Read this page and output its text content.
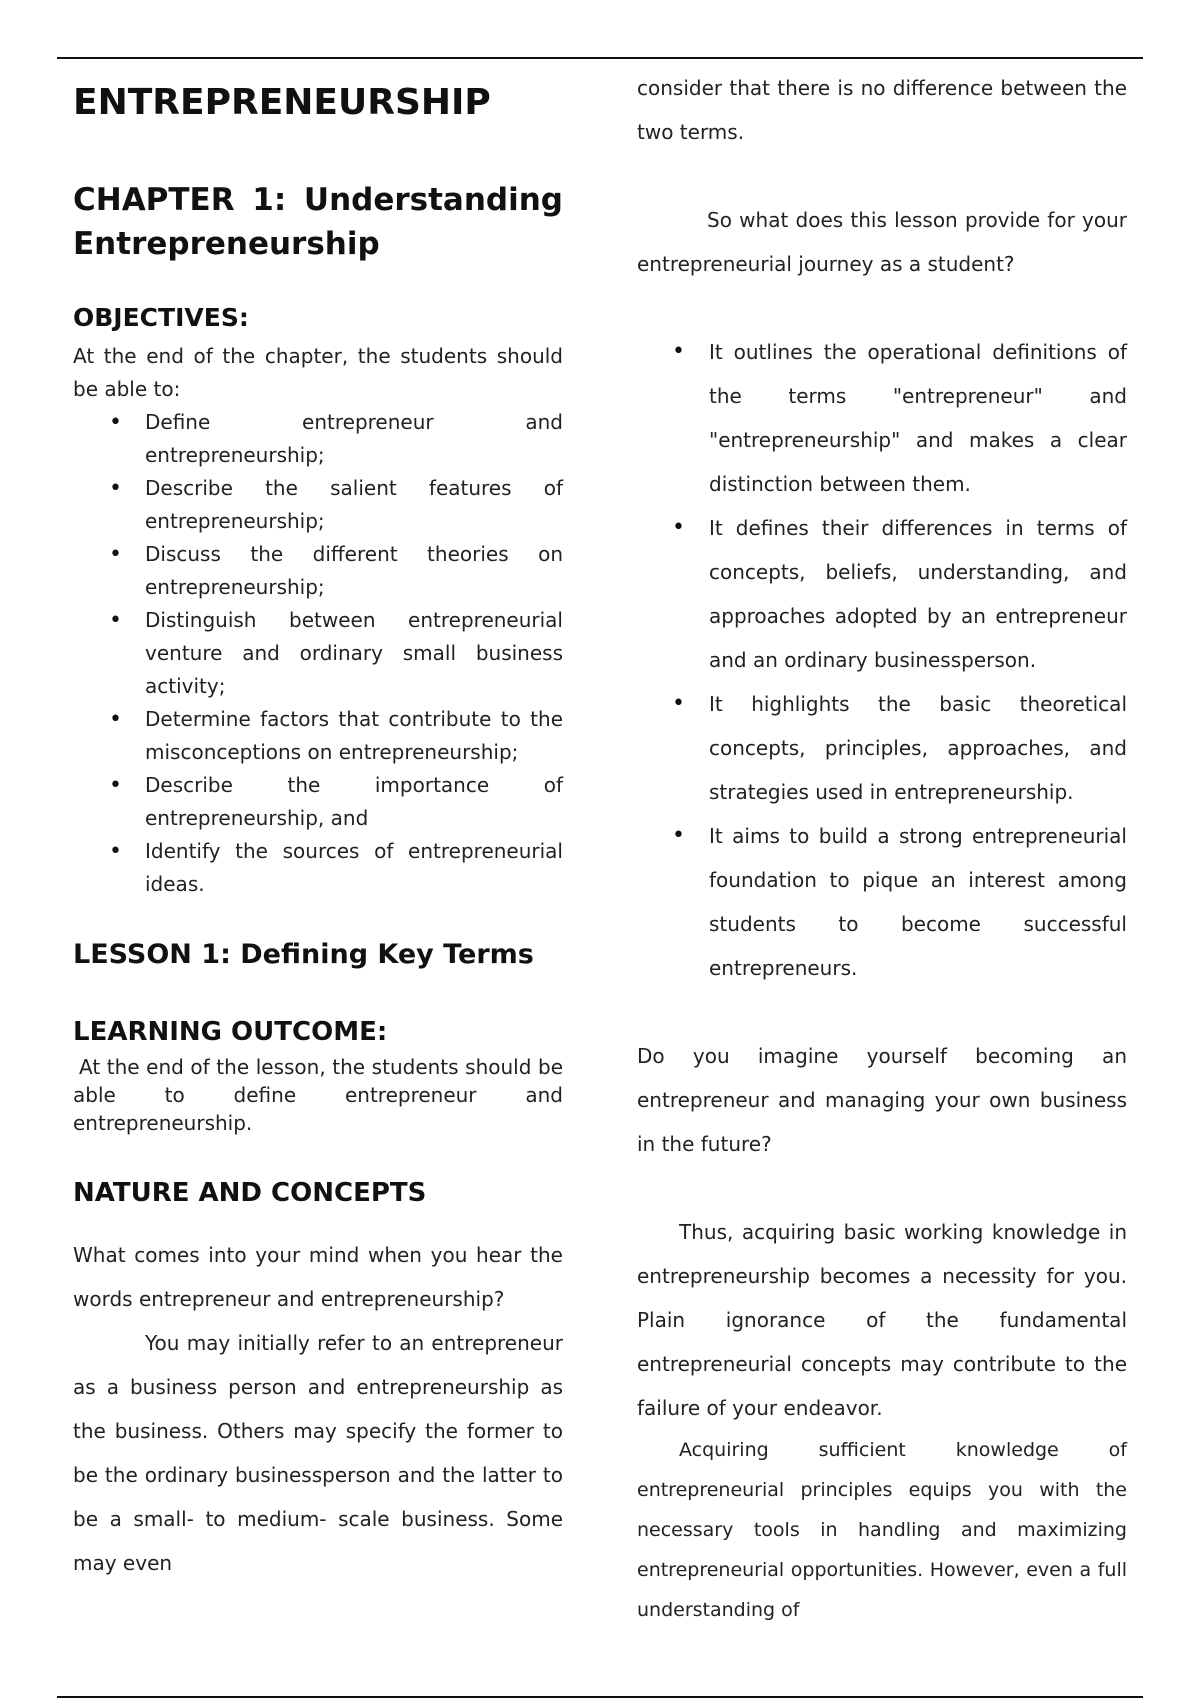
ENTREPRENEURSHIP
CHAPTER 1: Understanding Entrepreneurship
OBJECTIVES:

At the end of the chapter, the students should be able to:

• Define entrepreneur and entrepreneurship;
• Describe the salient features of entrepreneurship;
• Discuss the different theories on entrepreneurship;
• Distinguish between entrepreneurial venture and ordinary small business activity;
• Determine factors that contribute to the misconceptions on entrepreneurship;
• Describe the importance of entrepreneurship, and
• Identify the sources of entrepreneurial ideas.
LESSON 1: Defining Key Terms
LEARNING OUTCOME:

At the end of the lesson, the students should be able to define entrepreneur and entrepreneurship.

NATURE AND CONCEPTS

What comes into your mind when you hear the words entrepreneur and entrepreneurship?

You may initially refer to an entrepreneur as a business person and entrepreneurship as the business. Others may specify the former to be the ordinary businessperson and the latter to be a small- to medium- scale business. Some may even

consider that there is no difference between the two terms.

So what does this lesson provide for your entrepreneurial journey as a student?

• It outlines the operational definitions of the terms "entrepreneur" and "entrepreneurship" and makes a clear distinction between them.
• It defines their differences in terms of concepts, beliefs, understanding, and approaches adopted by an entrepreneur and an ordinary businessperson.
• It highlights the basic theoretical concepts, principles, approaches, and strategies used in entrepreneurship.
• It aims to build a strong entrepreneurial foundation to pique an interest among students to become successful entrepreneurs.

Do you imagine yourself becoming an entrepreneur and managing your own business in the future?

Thus, acquiring basic working knowledge in entrepreneurship becomes a necessity for you. Plain ignorance of the fundamental entrepreneurial concepts may contribute to the failure of your endeavor.

Acquiring sufficient knowledge of entrepreneurial principles equips you with the necessary tools in handling and maximizing entrepreneurial opportunities. However, even a full understanding of
